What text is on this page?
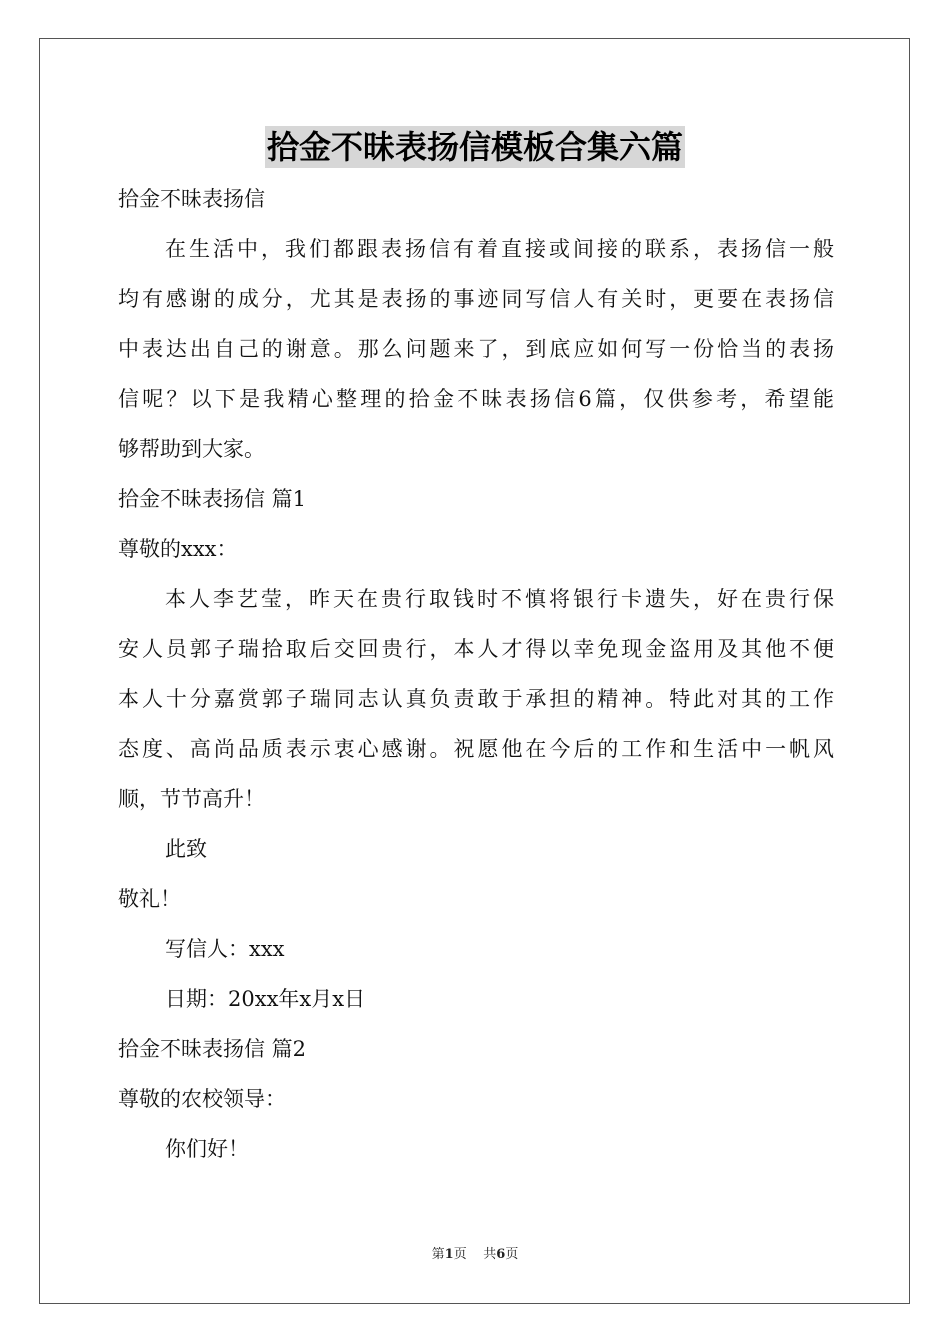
拾金不昧表扬信模板合集六篇
拾金不昧表扬信
在生活中，我们都跟表扬信有着直接或间接的联系，表扬信一般
均有感谢的成分，尤其是表扬的事迹同写信人有关时，更要在表扬信
中表达出自己的谢意。那么问题来了，到底应如何写一份恰当的表扬
信呢？以下是我精心整理的拾金不昧表扬信6篇，仅供参考，希望能
够帮助到大家。
拾金不昧表扬信 篇1
尊敬的xxx：
本人李艺莹，昨天在贵行取钱时不慎将银行卡遗失，好在贵行保
安人员郭子瑞拾取后交回贵行，本人才得以幸免现金盗用及其他不便
本人十分嘉赏郭子瑞同志认真负责敢于承担的精神。特此对其的工作
态度、高尚品质表示衷心感谢。祝愿他在今后的工作和生活中一帆风
顺，节节高升！
此致
敬礼！
写信人：xxx
日期：20xx年x月x日
拾金不昧表扬信 篇2
尊敬的农校领导：
你们好！
第1页 共6页
